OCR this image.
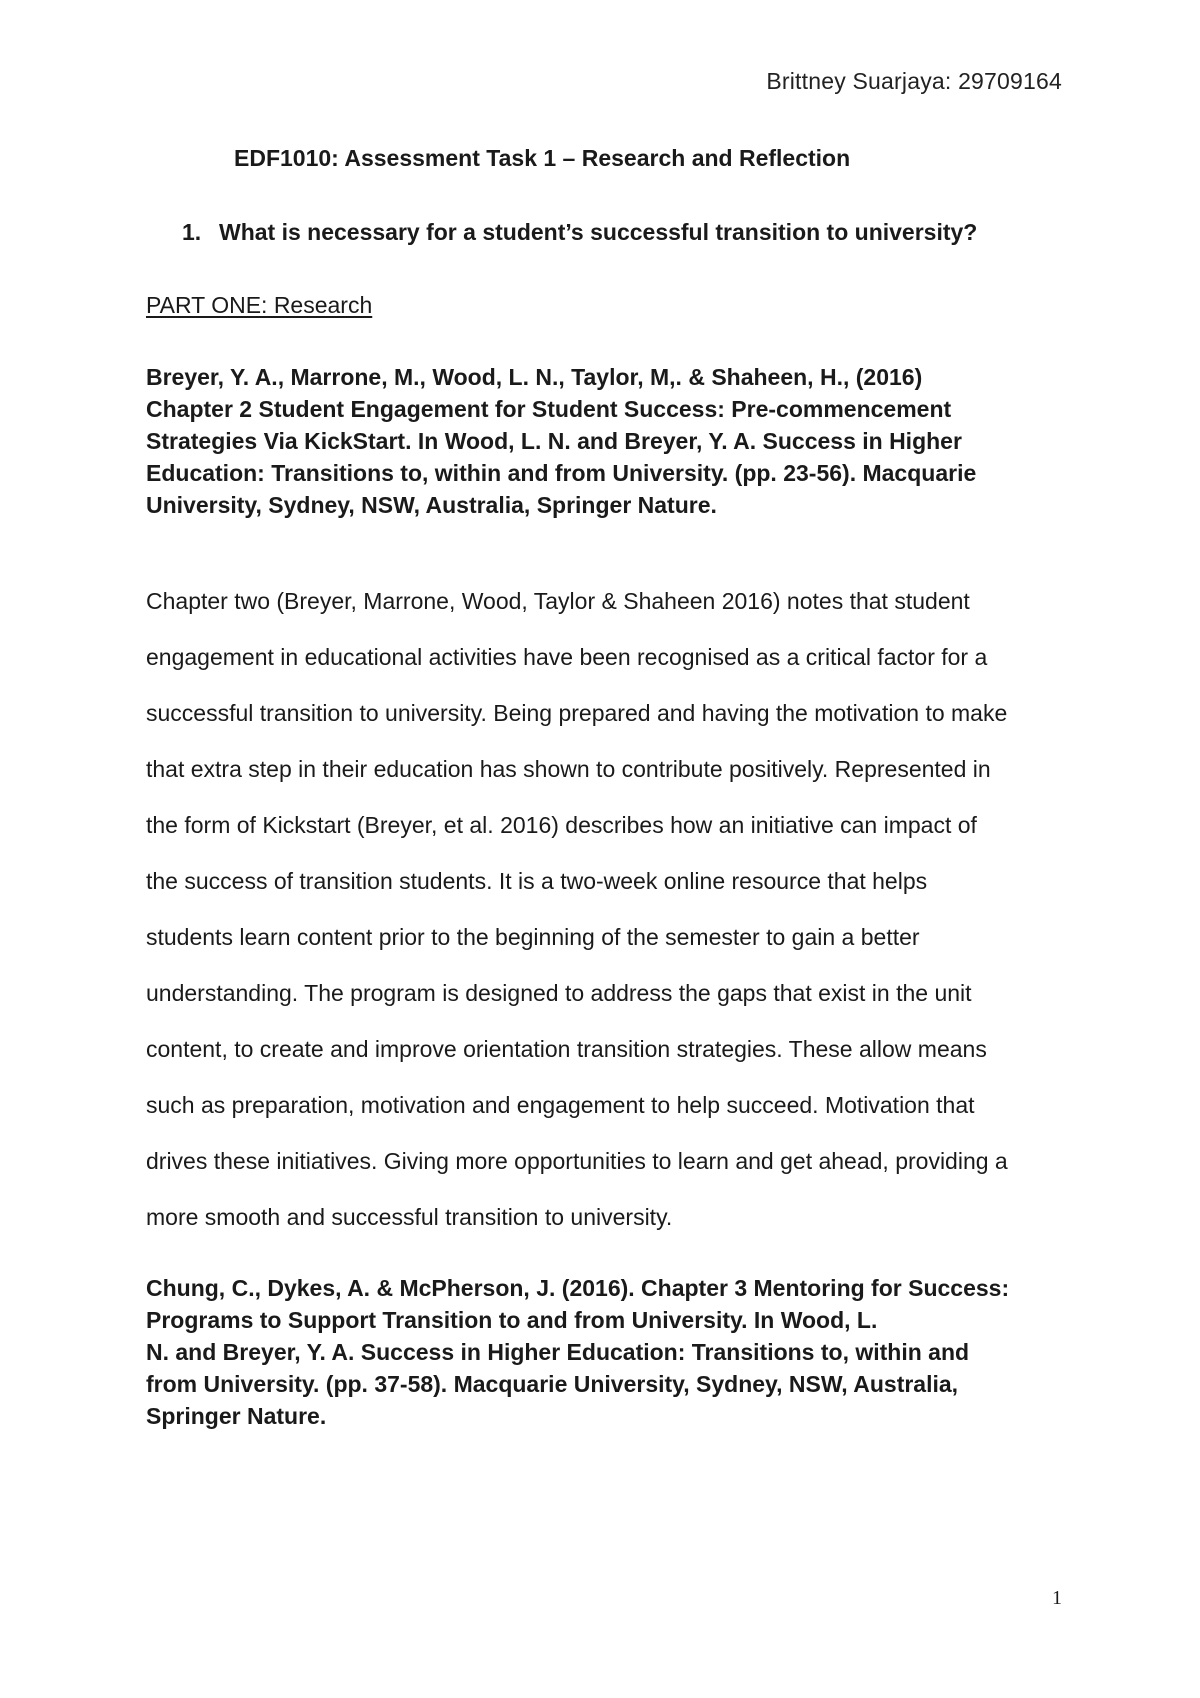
Brittney Suarjaya: 29709164
EDF1010: Assessment Task 1 – Research and Reflection
1. What is necessary for a student’s successful transition to university?
PART ONE: Research

Breyer, Y. A., Marrone, M., Wood, L. N., Taylor, M,. & Shaheen, H., (2016)
Chapter 2 Student Engagement for Student Success: Pre-commencement
Strategies Via KickStart. In Wood, L. N. and Breyer, Y. A. Success in Higher
Education: Transitions to, within and from University. (pp. 23-56). Macquarie
University, Sydney, NSW, Australia, Springer Nature.

Chapter two (Breyer, Marrone, Wood, Taylor & Shaheen 2016) notes that student
engagement in educational activities have been recognised as a critical factor for a
successful transition to university. Being prepared and having the motivation to make
that extra step in their education has shown to contribute positively. Represented in
the form of Kickstart (Breyer, et al. 2016) describes how an initiative can impact of
the success of transition students. It is a two-week online resource that helps
students learn content prior to the beginning of the semester to gain a better
understanding. The program is designed to address the gaps that exist in the unit
content, to create and improve orientation transition strategies. These allow means
such as preparation, motivation and engagement to help succeed. Motivation that
drives these initiatives. Giving more opportunities to learn and get ahead, providing a
more smooth and successful transition to university.

Chung, C., Dykes, A. & McPherson, J. (2016). Chapter 3 Mentoring for Success:
Programs to Support Transition to and from University. In Wood, L.
N. and Breyer, Y. A. Success in Higher Education: Transitions to, within and
from University. (pp. 37-58). Macquarie University, Sydney, NSW, Australia,
Springer Nature.

1
